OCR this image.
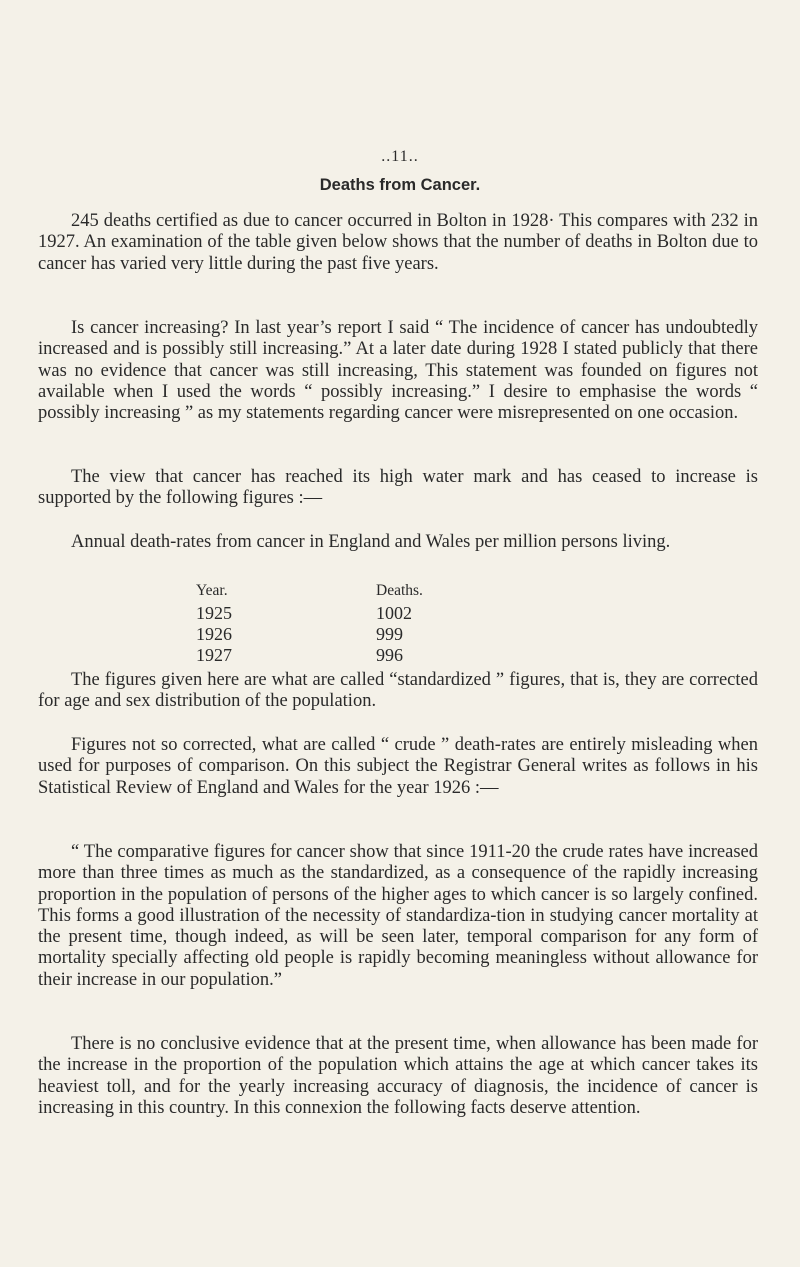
..11..
Deaths from Cancer.

245 deaths certified as due to cancer occurred in Bolton in 1928· This compares with 232 in 1927. An examination of the table given below shows that the number of deaths in Bolton due to cancer has varied very little during the past five years.

Is cancer increasing? In last year’s report I said “ The incidence of cancer has undoubtedly increased and is possibly still increasing.” At a later date during 1928 I stated publicly that there was no evidence that cancer was still increasing, This statement was founded on figures not available when I used the words “ possibly increasing.” I desire to emphasise the words “ possibly increasing ” as my statements regarding cancer were misrepresented on one occasion.

The view that cancer has reached its high water mark and has ceased to increase is supported by the following figures :—

Annual death-rates from cancer in England and Wales per million persons living.

Year.	Deaths.
1925	1002
1926	999
1927	996

The figures given here are what are called “standardized ” figures, that is, they are corrected for age and sex distribution of the population.

Figures not so corrected, what are called “ crude ” death-rates are entirely misleading when used for purposes of comparison. On this subject the Registrar General writes as follows in his Statistical Review of England and Wales for the year 1926 :—

“ The comparative figures for cancer show that since 1911-20 the crude rates have increased more than three times as much as the standardized, as a consequence of the rapidly increasing proportion in the population of persons of the higher ages to which cancer is so largely confined. This forms a good illustration of the necessity of standardiza-tion in studying cancer mortality at the present time, though indeed, as will be seen later, temporal comparison for any form of mortality specially affecting old people is rapidly becoming meaningless without allowance for their increase in our population.”

There is no conclusive evidence that at the present time, when allowance has been made for the increase in the proportion of the population which attains the age at which cancer takes its heaviest toll, and for the yearly increasing accuracy of diagnosis, the incidence of cancer is increasing in this country. In this connexion the following facts deserve attention.
